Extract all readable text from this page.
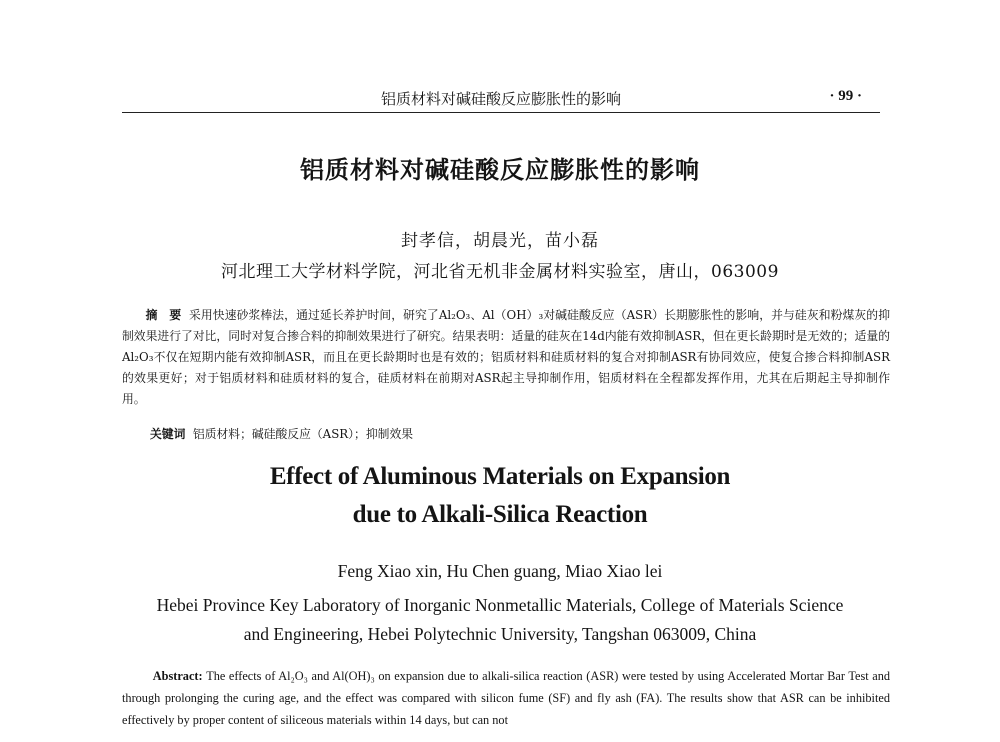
铝质材料对碱硅酸反应膨胀性的影响	· 99 ·
铝质材料对碱硅酸反应膨胀性的影响
封孝信，胡晨光，苗小磊
河北理工大学材料学院，河北省无机非金属材料实验室，唐山，063009
摘　要 采用快速砂浆棒法，通过延长养护时间，研究了Al₂O₃、Al（OH）₃对碱硅酸反应（ASR）长期膨胀性的影响，并与硅灰和粉煤灰的抑制效果进行了对比，同时对复合掺合料的抑制效果进行了研究。结果表明：适量的硅灰在14d内能有效抑制ASR，但在更长龄期时是无效的；适量的Al₂O₃不仅在短期内能有效抑制ASR，而且在更长龄期时也是有效的；铝质材料和硅质材料的复合对抑制ASR有协同效应，使复合掺合料抑制ASR的效果更好；对于铝质材料和硅质材料的复合，硅质材料在前期对ASR起主导抑制作用，铝质材料在全程都发挥作用，尤其在后期起主导抑制作用。
关键词 铝质材料；碱硅酸反应（ASR）；抑制效果
Effect of Aluminous Materials on Expansion
due to Alkali-Silica Reaction
Feng Xiao xin, Hu Chen guang, Miao Xiao lei
Hebei Province Key Laboratory of Inorganic Nonmetallic Materials, College of Materials Science
and Engineering, Hebei Polytechnic University, Tangshan 063009, China
Abstract: The effects of Al₂O₃ and Al(OH)₃ on expansion due to alkali-silica reaction (ASR) were tested by using Accelerated Mortar Bar Test and through prolonging the curing age, and the effect was compared with silicon fume (SF) and fly ash (FA). The results show that ASR can be inhibited effectively by proper content of siliceous materials within 14 days, but can not
